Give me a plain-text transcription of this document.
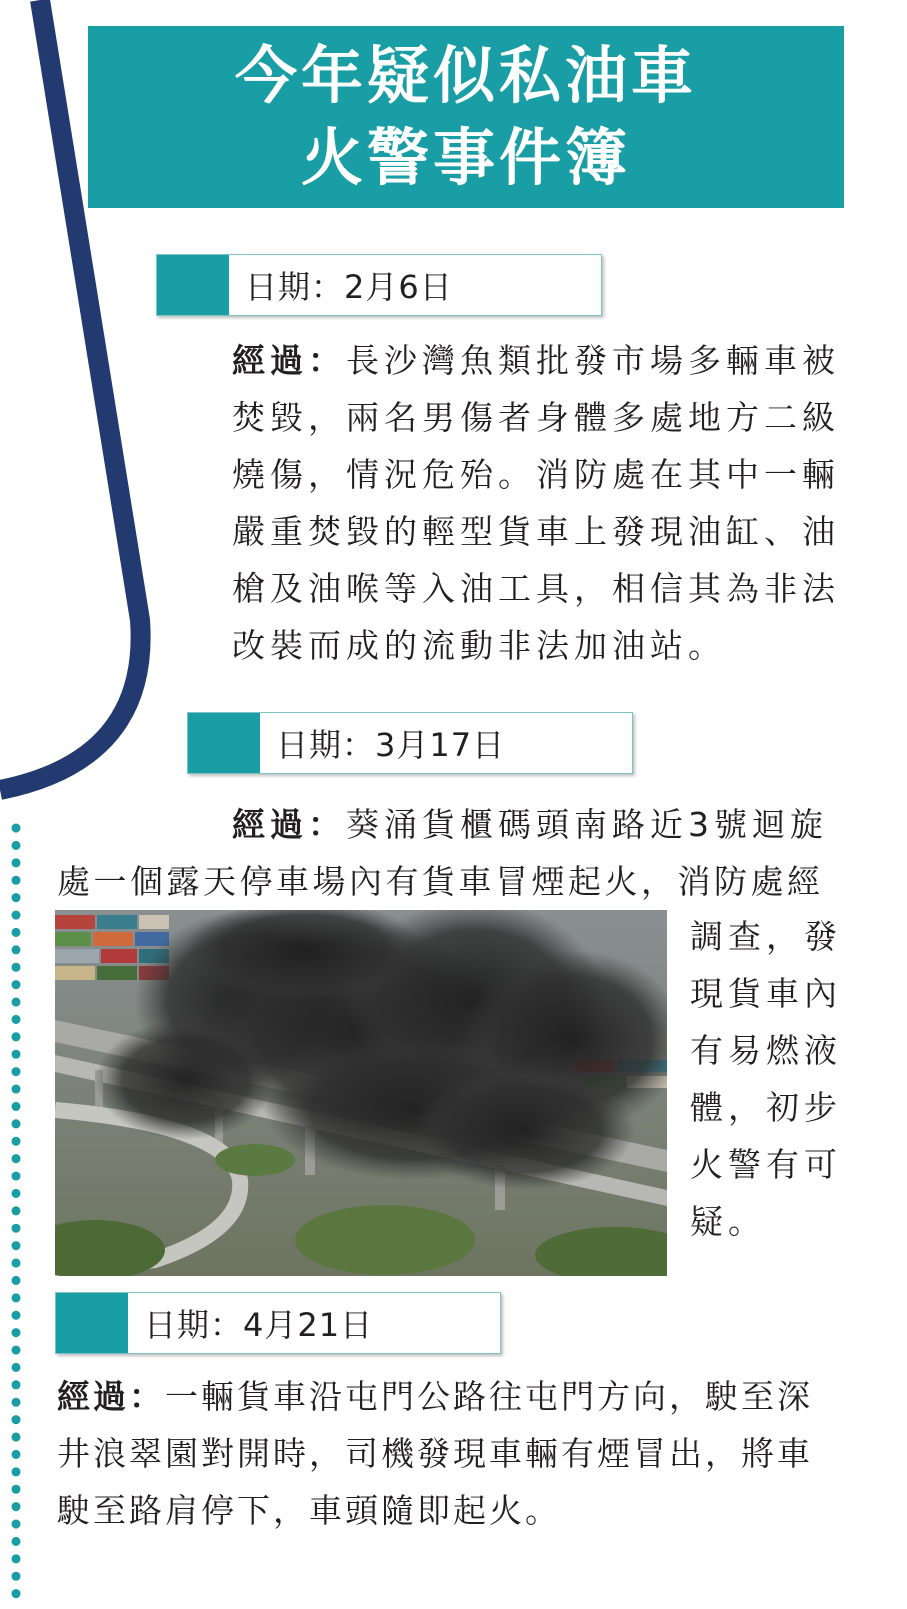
今年疑似私油車
火警事件簿
日期：2月6日

經過：長沙灣魚類批發市場多輛車被
焚毀，兩名男傷者身體多處地方二級
燒傷，情況危殆。消防處在其中一輛
嚴重焚毀的輕型貨車上發現油缸、油
槍及油喉等入油工具，相信其為非法
改裝而成的流動非法加油站。

日期：3月17日

經過：葵涌貨櫃碼頭南路近3號迴旋

處一個露天停車場內有貨車冒煙起火，消防處經

調查，發
現貨車內
有易燃液
體，初步
火警有可
疑。
日期：4月21日

經過：一輛貨車沿屯門公路往屯門方向，駛至深
井浪翠園對開時，司機發現車輛有煙冒出，將車
駛至路肩停下，車頭隨即起火。
